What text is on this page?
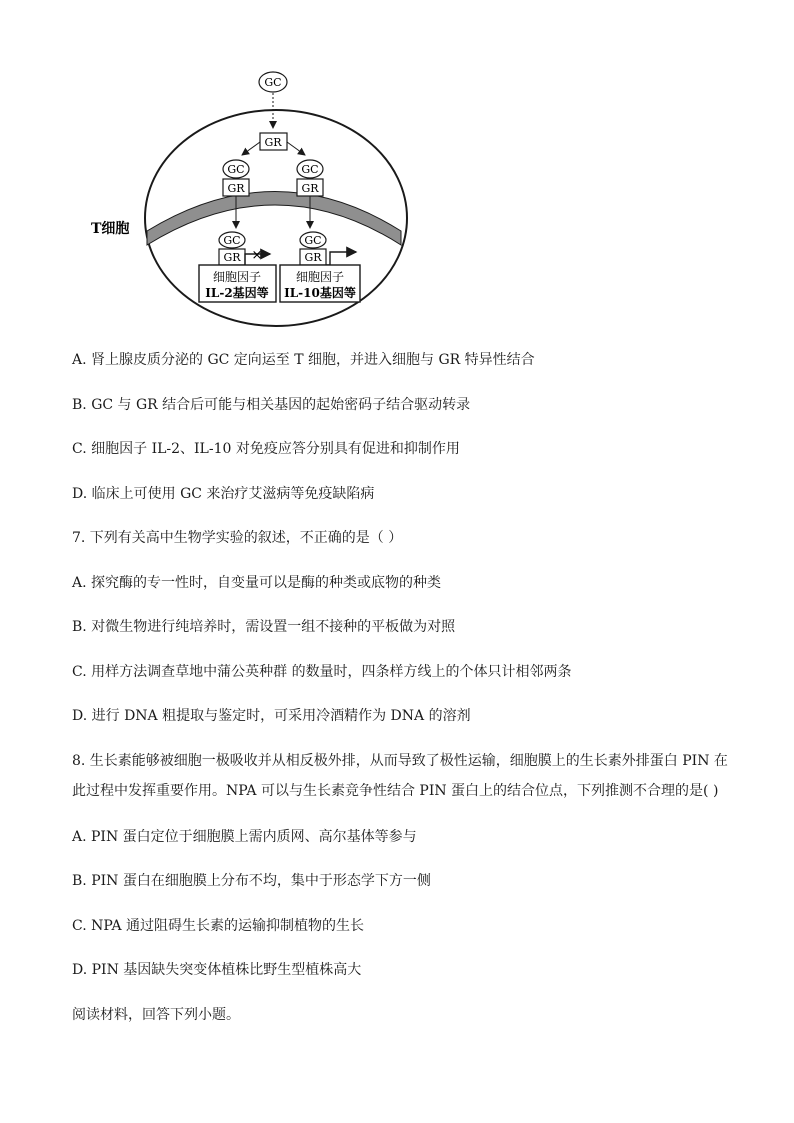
GC
GR
GC
GR
GC
GR
GC
GR ×
GC
GR
细胞因子
IL-2基因等
细胞因子
IL-10基因等
T细胞
A. 肾上腺皮质分泌的 GC 定向运至 T 细胞，并进入细胞与 GR 特异性结合
B. GC 与 GR 结合后可能与相关基因的起始密码子结合驱动转录
C. 细胞因子 IL-2、IL-10 对免疫应答分别具有促进和抑制作用
D. 临床上可使用 GC 来治疗艾滋病等免疫缺陷病
7. 下列有关高中生物学实验的叙述，不正确的是（ ）
A. 探究酶的专一性时，自变量可以是酶的种类或底物的种类
B. 对微生物进行纯培养时，需设置一组不接种的平板做为对照
C. 用样方法调查草地中蒲公英种群 的数量时，四条样方线上的个体只计相邻两条
D. 进行 DNA 粗提取与鉴定时，可采用冷酒精作为 DNA 的溶剂
8. 生长素能够被细胞一极吸收并从相反极外排，从而导致了极性运输，细胞膜上的生长素外排蛋白 PIN 在
此过程中发挥重要作用。NPA 可以与生长素竞争性结合 PIN 蛋白上的结合位点，下列推测不合理的是( )
A. PIN 蛋白定位于细胞膜上需内质网、高尔基体等参与
B. PIN 蛋白在细胞膜上分布不均，集中于形态学下方一侧
C. NPA 通过阻碍生长素的运输抑制植物的生长
D. PIN 基因缺失突变体植株比野生型植株高大
阅读材料，回答下列小题。
